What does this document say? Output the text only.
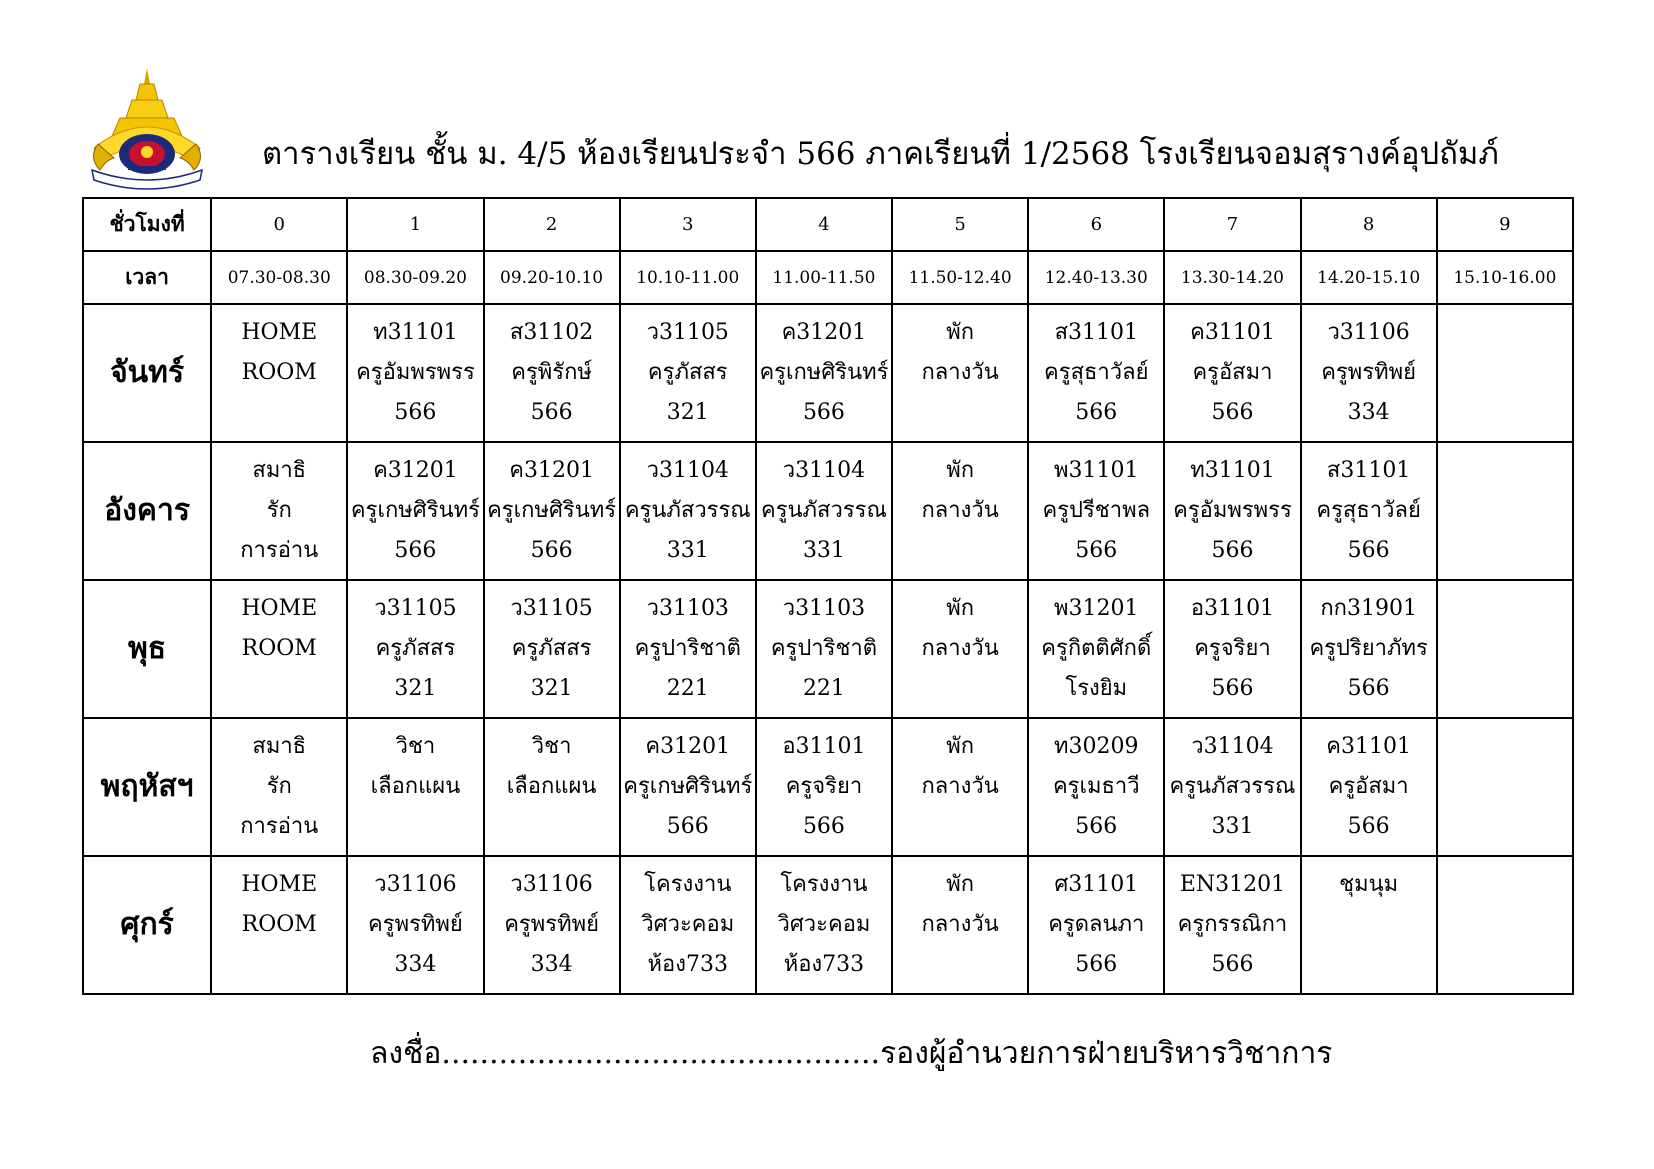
ตารางเรียน ชั้น ม. 4/5 ห้องเรียนประจำ 566 ภาคเรียนที่ 1/2568 โรงเรียนจอมสุรางค์อุปถัมภ์
ชั่วโมงที่	0	1	2	3	4	5	6	7	8	9
เวลา	07.30-08.30	08.30-09.20	09.20-10.10	10.10-11.00	11.00-11.50	11.50-12.40	12.40-13.30	13.30-14.20	14.20-15.10	15.10-16.00
จันทร์	HOME
ROOM	ท31101
ครูอัมพรพรร
566	ส31102
ครูพิรักษ์
566	ว31105
ครูภัสสร
321	ค31201
ครูเกษศิรินทร์
566	พัก
กลางวัน	ส31101
ครูสุธาวัลย์
566	ค31101
ครูอัสมา
566	ว31106
ครูพรทิพย์
334	

อังคาร	สมาธิ
รัก
การอ่าน	ค31201
ครูเกษศิรินทร์
566	ค31201
ครูเกษศิรินทร์
566	ว31104
ครูนภัสวรรณ
331	ว31104
ครูนภัสวรรณ
331	พัก
กลางวัน	พ31101
ครูปรีชาพล
566	ท31101
ครูอัมพรพรร
566	ส31101
ครูสุธาวัลย์
566	

พุธ	HOME
ROOM	ว31105
ครูภัสสร
321	ว31105
ครูภัสสร
321	ว31103
ครูปาริชาติ
221	ว31103
ครูปาริชาติ
221	พัก
กลางวัน	พ31201
ครูกิตติศักดิ์
โรงยิม	อ31101
ครูจริยา
566	กก31901
ครูปริยาภัทร
566	

พฤหัสฯ	สมาธิ
รัก
การอ่าน	วิชา
เลือกแผน	วิชา
เลือกแผน	ค31201
ครูเกษศิรินทร์
566	อ31101
ครูจริยา
566	พัก
กลางวัน	ท30209
ครูเมธาวี
566	ว31104
ครูนภัสวรรณ
331	ค31101
ครูอัสมา
566	

ศุกร์	HOME
ROOM	ว31106
ครูพรทิพย์
334	ว31106
ครูพรทิพย์
334	โครงงาน
วิศวะคอม
ห้อง733	โครงงาน
วิศวะคอม
ห้อง733	พัก
กลางวัน	ศ31101
ครูดลนภา
566	EN31201
ครูกรรณิกา
566	ชุมนุม	

ลงชื่อ..............................................รองผู้อำนวยการฝ่ายบริหารวิชาการ
